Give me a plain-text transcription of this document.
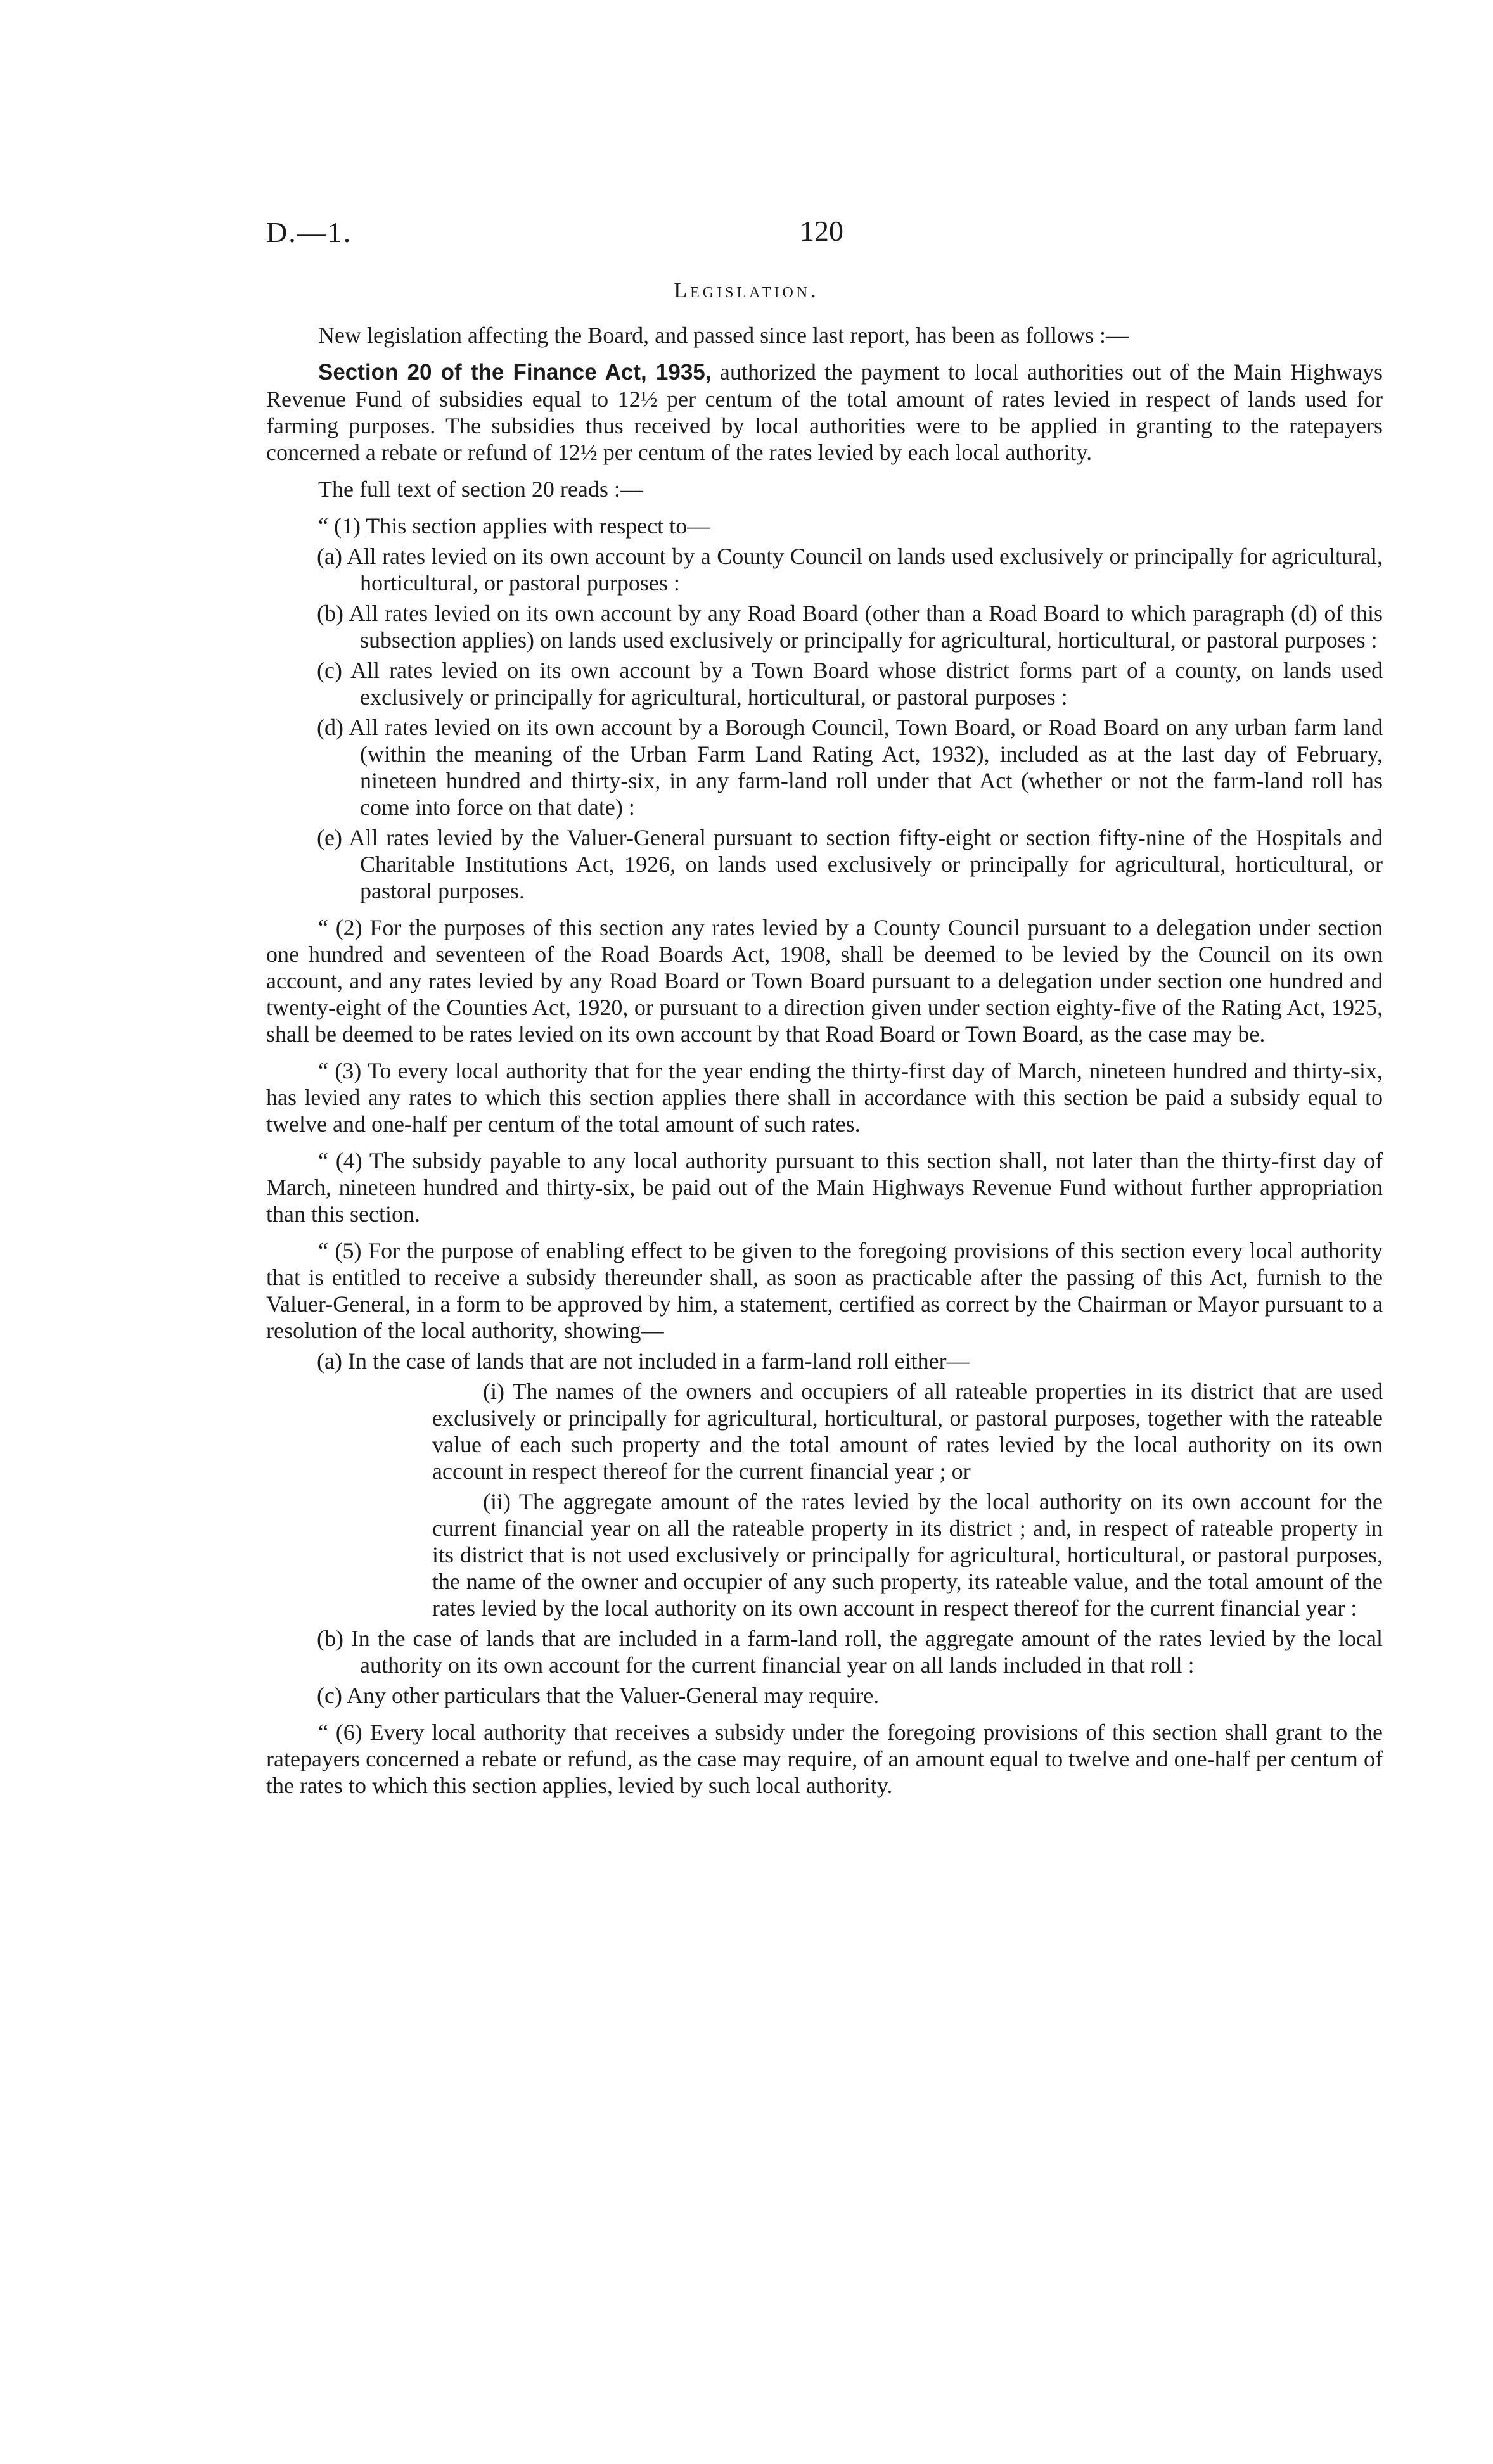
D.—1.	120
Legislation.

New legislation affecting the Board, and passed since last report, has been as follows :—

Section 20 of the Finance Act, 1935, authorized the payment to local authorities out of the Main Highways Revenue Fund of subsidies equal to 12½ per centum of the total amount of rates levied in respect of lands used for farming purposes. The subsidies thus received by local authorities were to be applied in granting to the ratepayers concerned a rebate or refund of 12½ per centum of the rates levied by each local authority.

The full text of section 20 reads :—

“ (1) This section applies with respect to—

(a) All rates levied on its own account by a County Council on lands used exclusively or principally for agricultural, horticultural, or pastoral purposes :

(b) All rates levied on its own account by any Road Board (other than a Road Board to which paragraph (d) of this subsection applies) on lands used exclusively or principally for agricultural, horticultural, or pastoral purposes :

(c) All rates levied on its own account by a Town Board whose district forms part of a county, on lands used exclusively or principally for agricultural, horticultural, or pastoral purposes :

(d) All rates levied on its own account by a Borough Council, Town Board, or Road Board on any urban farm land (within the meaning of the Urban Farm Land Rating Act, 1932), included as at the last day of February, nineteen hundred and thirty-six, in any farm-land roll under that Act (whether or not the farm-land roll has come into force on that date) :

(e) All rates levied by the Valuer-General pursuant to section fifty-eight or section fifty-nine of the Hospitals and Charitable Institutions Act, 1926, on lands used exclusively or principally for agricultural, horticultural, or pastoral purposes.

“ (2) For the purposes of this section any rates levied by a County Council pursuant to a delegation under section one hundred and seventeen of the Road Boards Act, 1908, shall be deemed to be levied by the Council on its own account, and any rates levied by any Road Board or Town Board pursuant to a delegation under section one hundred and twenty-eight of the Counties Act, 1920, or pursuant to a direction given under section eighty-five of the Rating Act, 1925, shall be deemed to be rates levied on its own account by that Road Board or Town Board, as the case may be.

“ (3) To every local authority that for the year ending the thirty-first day of March, nineteen hundred and thirty-six, has levied any rates to which this section applies there shall in accordance with this section be paid a subsidy equal to twelve and one-half per centum of the total amount of such rates.

“ (4) The subsidy payable to any local authority pursuant to this section shall, not later than the thirty-first day of March, nineteen hundred and thirty-six, be paid out of the Main Highways Revenue Fund without further appropriation than this section.

“ (5) For the purpose of enabling effect to be given to the foregoing provisions of this section every local authority that is entitled to receive a subsidy thereunder shall, as soon as practicable after the passing of this Act, furnish to the Valuer-General, in a form to be approved by him, a statement, certified as correct by the Chairman or Mayor pursuant to a resolution of the local authority, showing—

(a) In the case of lands that are not included in a farm-land roll either—

(i) The names of the owners and occupiers of all rateable properties in its district that are used exclusively or principally for agricultural, horticultural, or pastoral purposes, together with the rateable value of each such property and the total amount of rates levied by the local authority on its own account in respect thereof for the current financial year ; or

(ii) The aggregate amount of the rates levied by the local authority on its own account for the current financial year on all the rateable property in its district ; and, in respect of rateable property in its district that is not used exclusively or principally for agricultural, horticultural, or pastoral purposes, the name of the owner and occupier of any such property, its rateable value, and the total amount of the rates levied by the local authority on its own account in respect thereof for the current financial year :

(b) In the case of lands that are included in a farm-land roll, the aggregate amount of the rates levied by the local authority on its own account for the current financial year on all lands included in that roll :

(c) Any other particulars that the Valuer-General may require.

“ (6) Every local authority that receives a subsidy under the foregoing provisions of this section shall grant to the ratepayers concerned a rebate or refund, as the case may require, of an amount equal to twelve and one-half per centum of the rates to which this section applies, levied by such local authority.
